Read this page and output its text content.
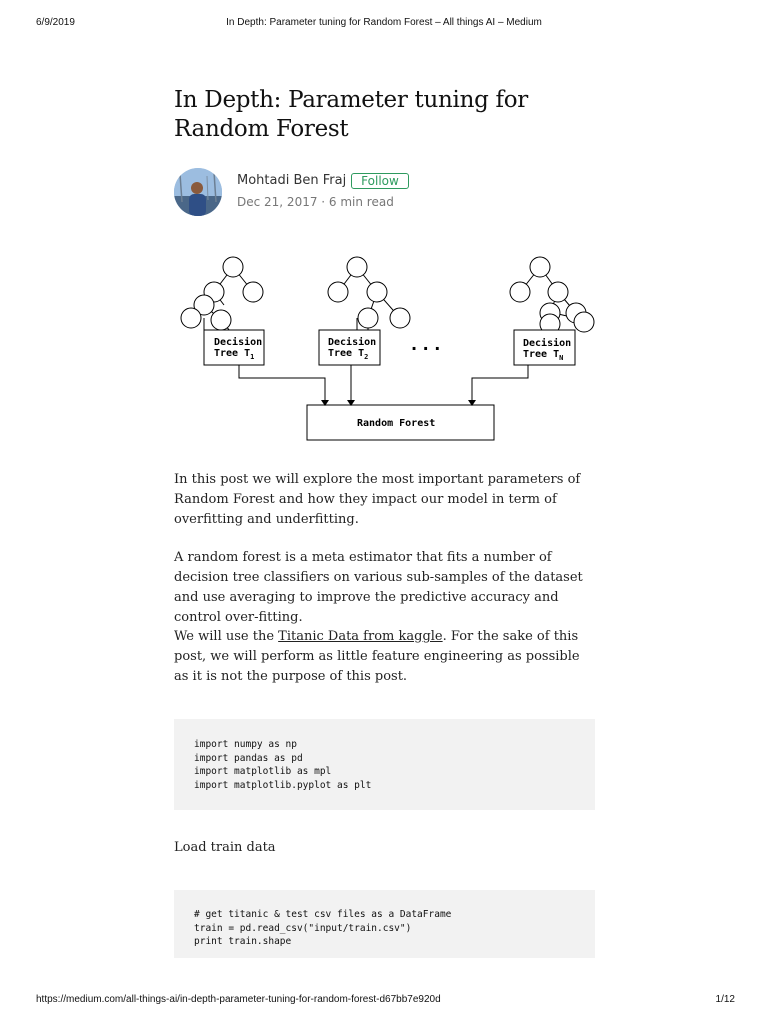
6/9/2019	In Depth: Parameter tuning for Random Forest – All things AI – Medium
In Depth: Parameter tuning for
Random Forest
Mohtadi Ben Fraj	Follow
Dec 21, 2017 · 6 min read
Decision
Tree $T_1$
Decision
Tree $T_2$
Decision
Tree $T_N$
Random Forest
· · ·
In this post we will explore the most important parameters of Random Forest and how they impact our model in term of overfitting and underfitting.
A random forest is a meta estimator that fits a number of decision tree classifiers on various sub-samples of the dataset and use averaging to improve the predictive accuracy and control over-fitting.
We will use the Titanic Data from kaggle. For the sake of this post, we will perform as little feature engineering as possible as it is not the purpose of this post.
import numpy as np
import pandas as pd
import matplotlib as mpl
import matplotlib.pyplot as plt
Load train data
# get titanic & test csv files as a DataFrame
train = pd.read_csv("input/train.csv")
print train.shape
https://medium.com/all-things-ai/in-depth-parameter-tuning-for-random-forest-d67bb7e920d	1/12
